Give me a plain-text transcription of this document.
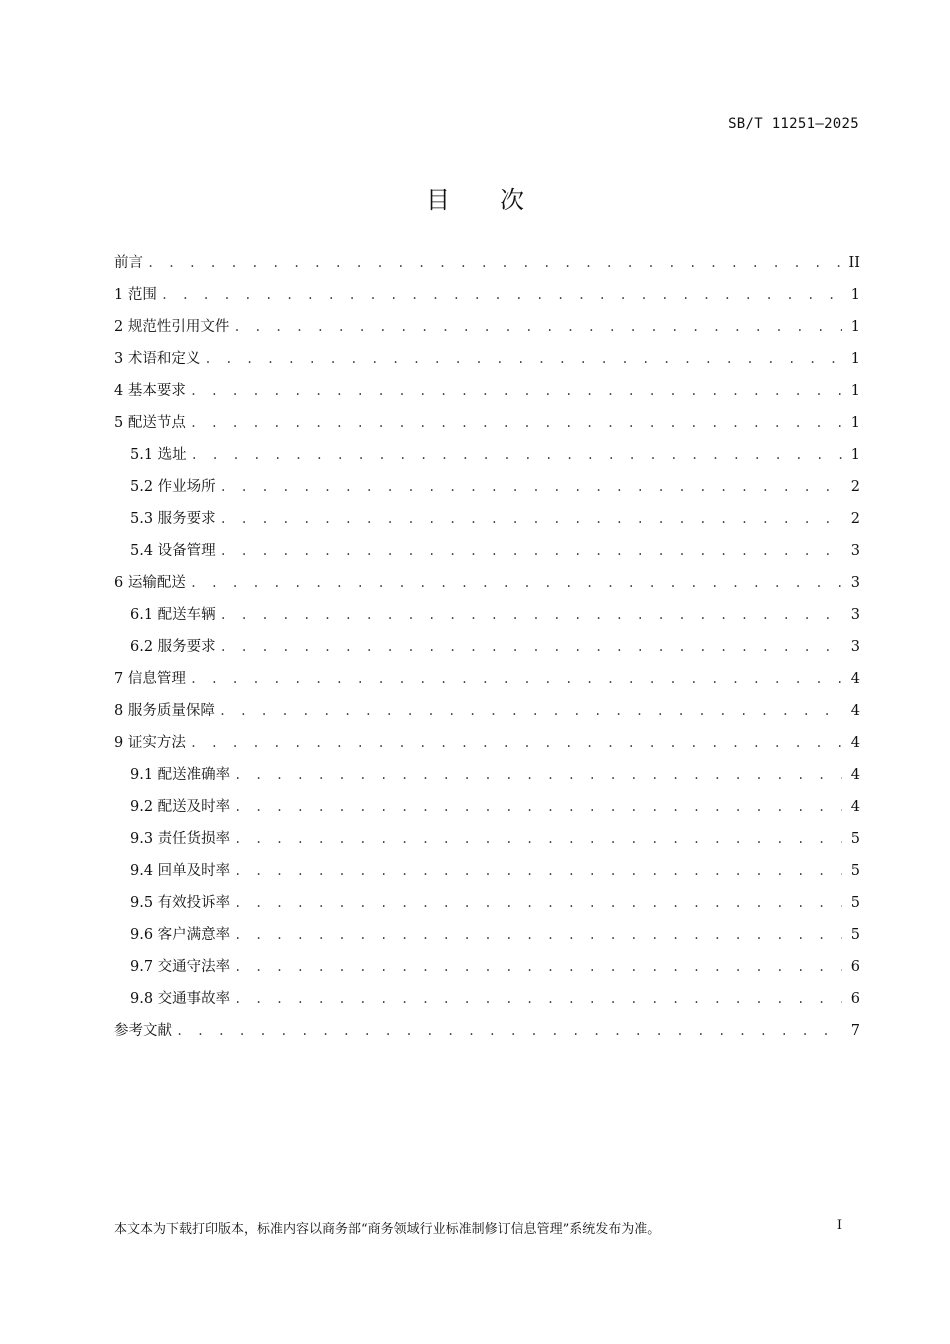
SB/T 11251—2025
目次
前言 . . .	II
1 范围 . . .	1
2 规范性引用文件 . . .	1
3 术语和定义 . . .	1
4 基本要求 . . .	1
5 配送节点 . . .	1
5.1 选址 . . .	1
5.2 作业场所 . . .	2
5.3 服务要求 . . .	2
5.4 设备管理 . . .	3
6 运输配送 . . .	3
6.1 配送车辆 . . .	3
6.2 服务要求 . . .	3
7 信息管理 . . .	4
8 服务质量保障 . . .	4
9 证实方法 . . .	4
9.1 配送准确率 . . .	4
9.2 配送及时率 . . .	4
9.3 责任货损率 . . .	5
9.4 回单及时率 . . .	5
9.5 有效投诉率 . . .	5
9.6 客户满意率 . . .	5
9.7 交通守法率 . . .	6
9.8 交通事故率 . . .	6
参考文献 . . .	7
本文本为下载打印版本，标准内容以商务部“商务领域行业标准制修订信息管理”系统发布为准。	I
